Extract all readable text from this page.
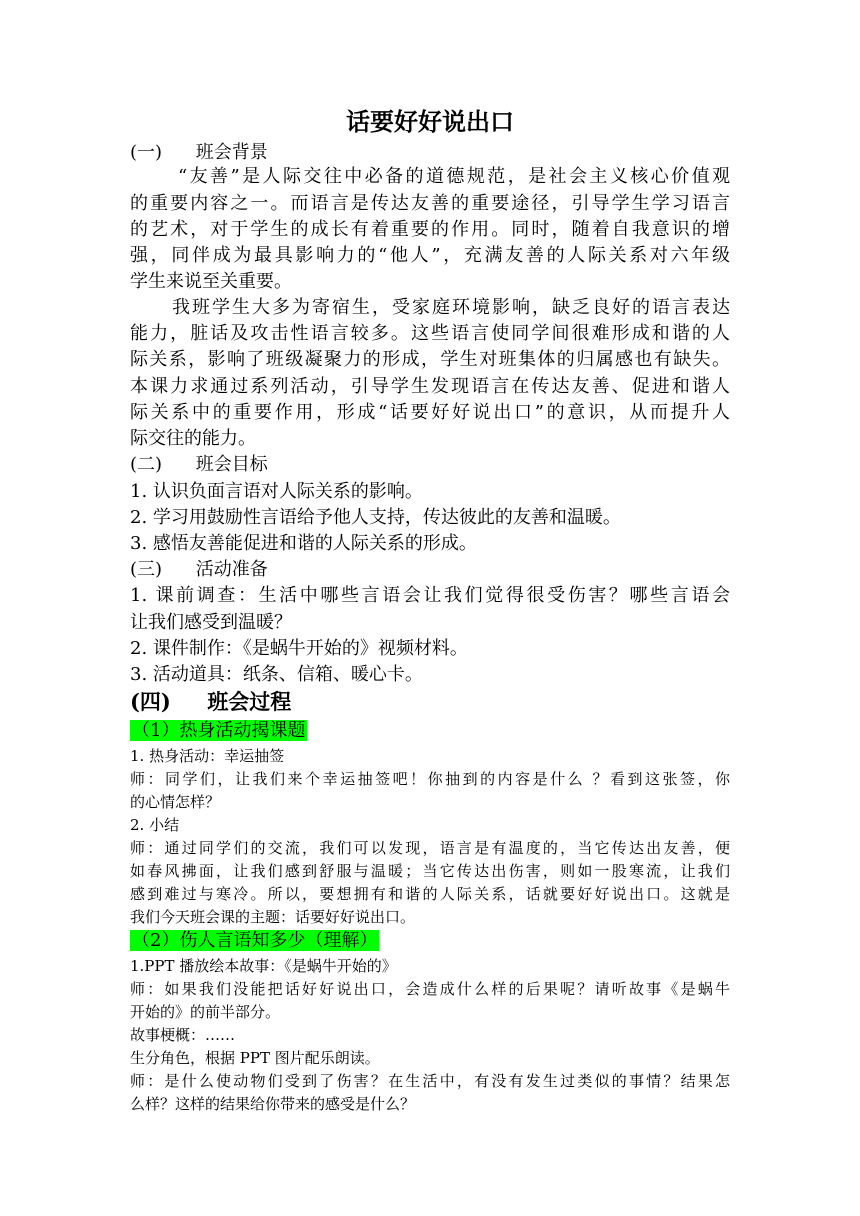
话要好好说出口
(一) 班会背景
“友善”是人际交往中必备的道德规范，是社会主义核心价值观
的重要内容之一。而语言是传达友善的重要途径，引导学生学习语言
的艺术，对于学生的成长有着重要的作用。同时，随着自我意识的增
强，同伴成为最具影响力的“他人”，充满友善的人际关系对六年级
学生来说至关重要。
我班学生大多为寄宿生，受家庭环境影响，缺乏良好的语言表达
能力，脏话及攻击性语言较多。这些语言使同学间很难形成和谐的人
际关系，影响了班级凝聚力的形成，学生对班集体的归属感也有缺失。
本课力求通过系列活动，引导学生发现语言在传达友善、促进和谐人
际关系中的重要作用，形成“话要好好说出口”的意识，从而提升人
际交往的能力。
(二) 班会目标
1. 认识负面言语对人际关系的影响。
2. 学习用鼓励性言语给予他人支持，传达彼此的友善和温暖。
3. 感悟友善能促进和谐的人际关系的形成。
(三) 活动准备
1. 课前调查：生活中哪些言语会让我们觉得很受伤害？哪些言语会
让我们感受到温暖？
2. 课件制作：《是蜗牛开始的》视频材料。
3. 活动道具：纸条、信箱、暖心卡。
(四) 班会过程
（1）热身活动揭课题
1. 热身活动：幸运抽签
师：同学们，让我们来个幸运抽签吧！你抽到的内容是什么 ？看到这张签，你
的心情怎样？
2. 小结
师：通过同学们的交流，我们可以发现，语言是有温度的，当它传达出友善，便
如春风拂面，让我们感到舒服与温暖；当它传达出伤害，则如一股寒流，让我们
感到难过与寒冷。所以，要想拥有和谐的人际关系，话就要好好说出口。这就是
我们今天班会课的主题：话要好好说出口。
（2）伤人言语知多少（理解）
1.PPT 播放绘本故事：《是蜗牛开始的》
师：如果我们没能把话好好说出口，会造成什么样的后果呢？请听故事《是蜗牛
开始的》的前半部分。
故事梗概：……
生分角色，根据 PPT 图片配乐朗读。
师：是什么使动物们受到了伤害？在生活中，有没有发生过类似的事情？结果怎
么样？这样的结果给你带来的感受是什么？
